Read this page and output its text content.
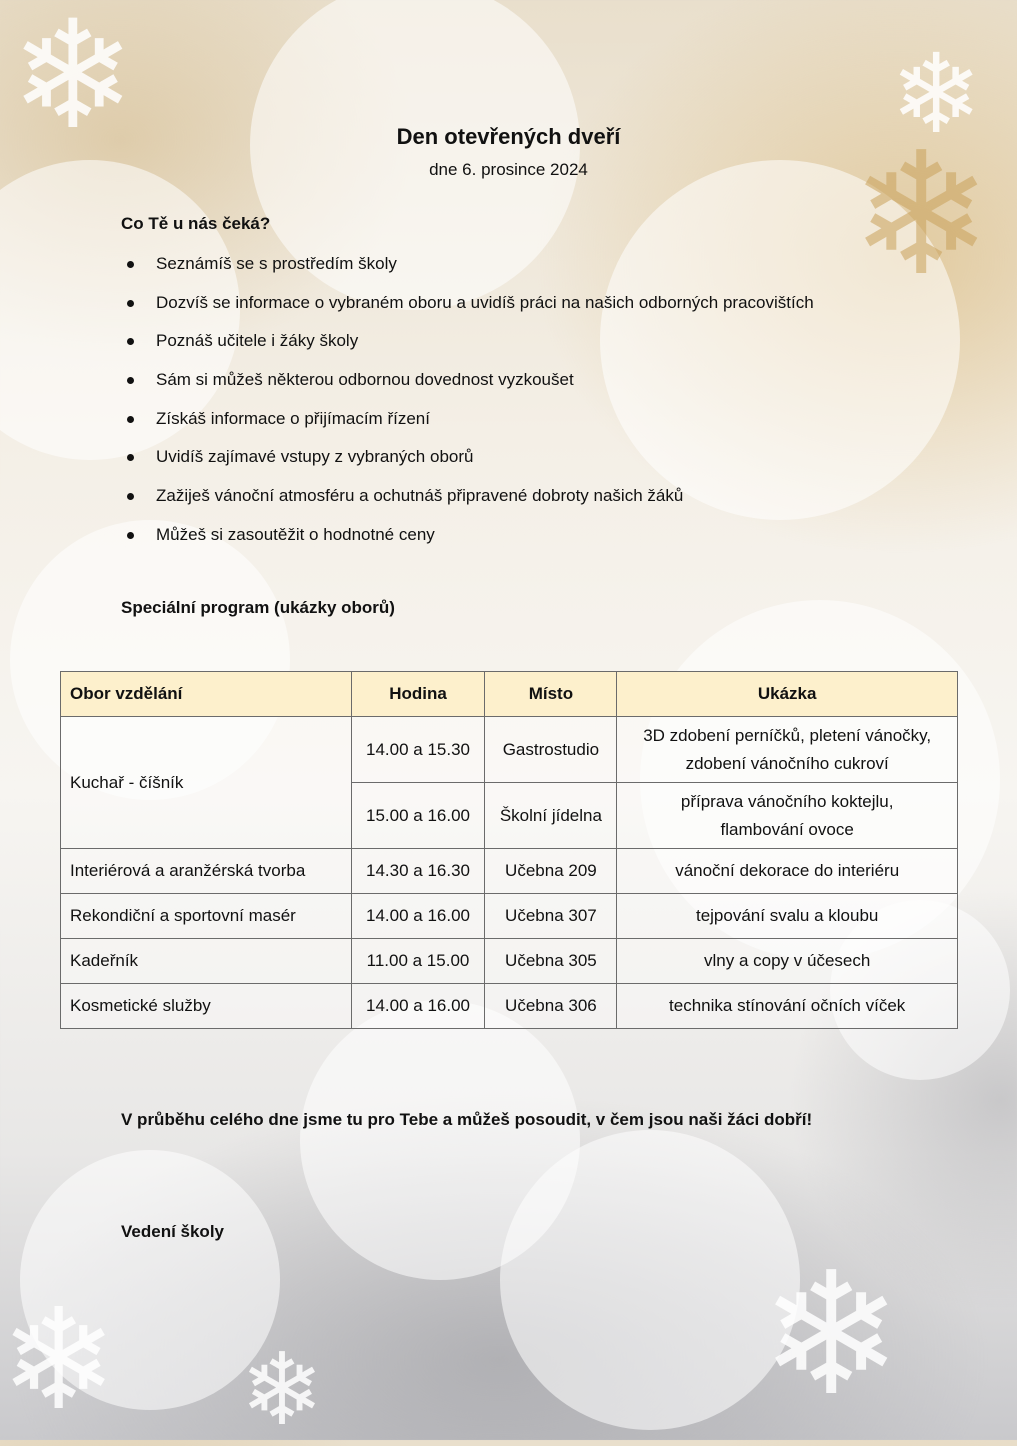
❄
❄
❄
❄
❄
❄
Den otevřených dveří
dne 6. prosince 2024
Co Tě u nás čeká?
Seznámíš se s prostředím školy
Dozvíš se informace o vybraném oboru a uvidíš práci na našich odborných pracovištích
Poznáš učitele i žáky školy
Sám si můžeš některou odbornou dovednost vyzkoušet
Získáš informace o přijímacím řízení
Uvidíš zajímavé vstupy z vybraných oborů
Zažiješ vánoční atmosféru a ochutnáš připravené dobroty našich žáků
Můžeš si zasoutěžit o hodnotné ceny
Speciální program (ukázky oborů)
Obor vzdělání	Hodina	Místo	Ukázka
Kuchař - číšník	14.00 a 15.30	Gastrostudio	3D zdobení perníčků, pletení vánočky, zdobení vánočního cukroví
	15.00 a 16.00	Školní jídelna	příprava vánočního koktejlu, flambování ovoce
Interiérová a aranžérská tvorba	14.30 a 16.30	Učebna 209	vánoční dekorace do interiéru
Rekondiční a sportovní masér	14.00 a 16.00	Učebna 307	tejpování svalu a kloubu
Kadeřník	11.00 a 15.00	Učebna 305	vlny a copy v účesech
Kosmetické služby	14.00 a 16.00	Učebna 306	technika stínování očních víček
V průběhu celého dne jsme tu pro Tebe a můžeš posoudit, v čem jsou naši žáci dobří!
Vedení školy
